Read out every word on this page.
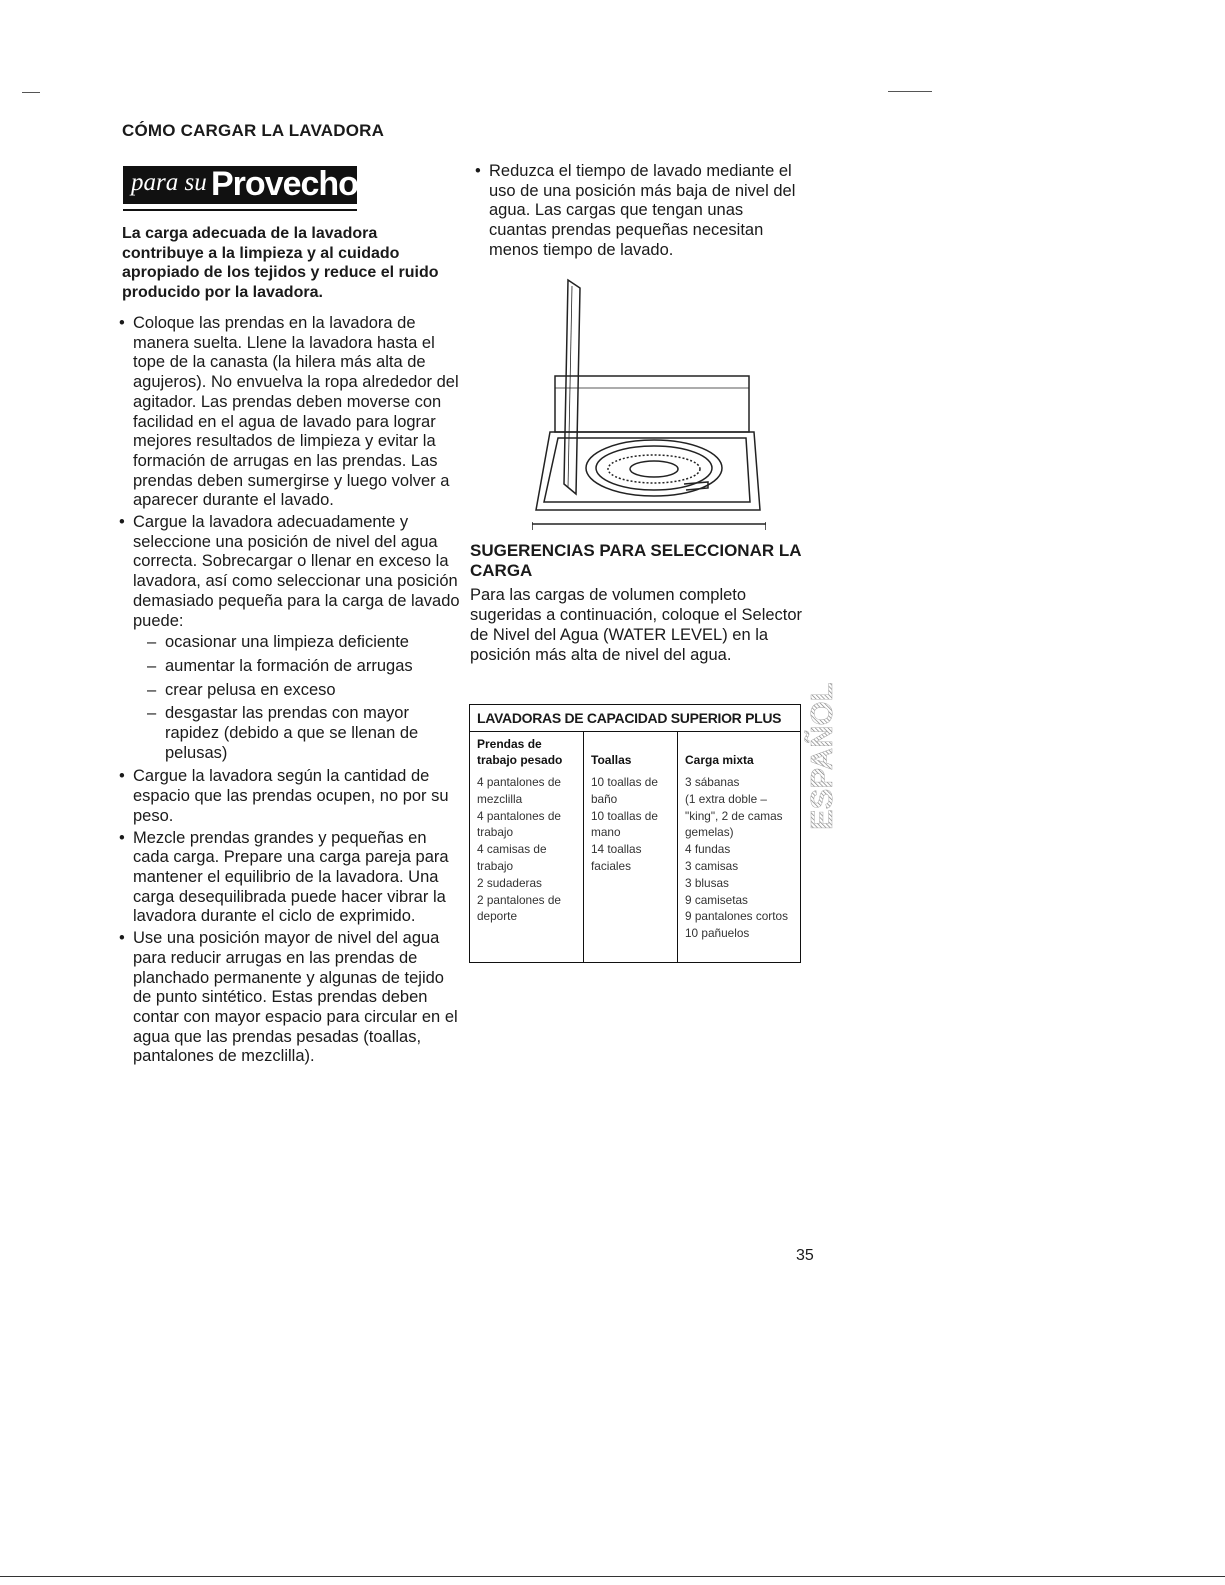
CÓMO CARGAR LA LAVADORA
para su Provecho
La carga adecuada de la lavadora contribuye a la limpieza y al cuidado apropiado de los tejidos y reduce el ruido producido por la lavadora.
• Coloque las prendas en la lavadora de manera suelta. Llene la lavadora hasta el tope de la canasta (la hilera más alta de agujeros). No envuelva la ropa alrededor del agitador. Las prendas deben moverse con facilidad en el agua de lavado para lograr mejores resultados de limpieza y evitar la formación de arrugas en las prendas. Las prendas deben sumergirse y luego volver a aparecer durante el lavado.
• Cargue la lavadora adecuadamente y seleccione una posición de nivel del agua correcta. Sobrecargar o llenar en exceso la lavadora, así como seleccionar una posición demasiado pequeña para la carga de lavado puede:
– ocasionar una limpieza deficiente
– aumentar la formación de arrugas
– crear pelusa en exceso
– desgastar las prendas con mayor rapidez (debido a que se llenan de pelusas)
• Cargue la lavadora según la cantidad de espacio que las prendas ocupen, no por su peso.
• Mezcle prendas grandes y pequeñas en cada carga. Prepare una carga pareja para mantener el equilibrio de la lavadora. Una carga desequilibrada puede hacer vibrar la lavadora durante el ciclo de exprimido.
• Use una posición mayor de nivel del agua para reducir arrugas en las prendas de planchado permanente y algunas de tejido de punto sintético. Estas prendas deben contar con mayor espacio para circular en el agua que las prendas pesadas (toallas, pantalones de mezclilla).
• Reduzca el tiempo de lavado mediante el uso de una posición más baja de nivel del agua. Las cargas que tengan unas cuantas prendas pequeñas necesitan menos tiempo de lavado.
SUGERENCIAS PARA SELECCIONAR LA CARGA
Para las cargas de volumen completo sugeridas a continuación, coloque el Selector de Nivel del Agua (WATER LEVEL) en la posición más alta de nivel del agua.
LAVADORAS DE CAPACIDAD SUPERIOR PLUS
Prendas de trabajo pesado
4 pantalones de mezclilla
4 pantalones de trabajo
4 camisas de trabajo
2 sudaderas
2 pantalones de deporte
Toallas
10 toallas de baño
10 toallas de mano
14 toallas faciales
Carga mixta
3 sábanas
(1 extra doble – "king", 2 de camas gemelas)
4 fundas
3 camisas
3 blusas
9 camisetas
9 pantalones cortos
10 pañuelos
ESPAÑOL
35
